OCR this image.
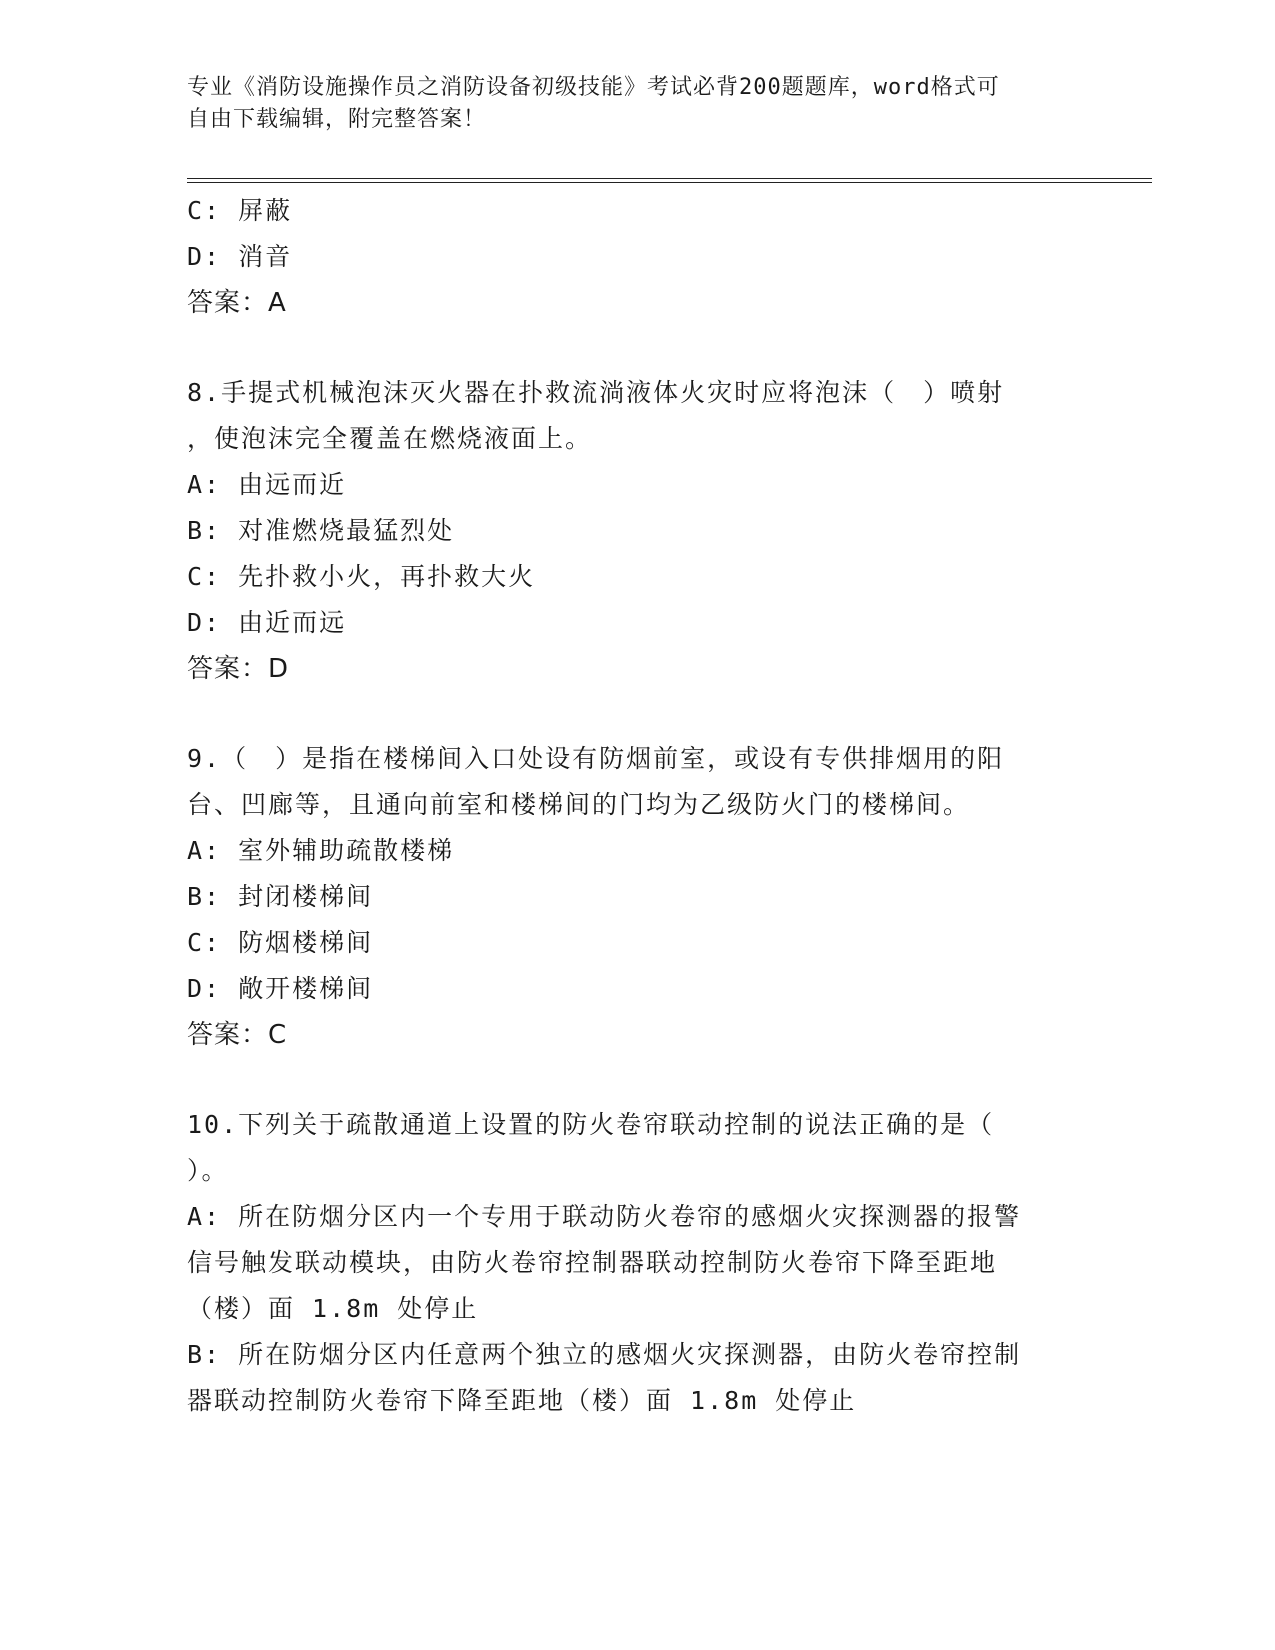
专业《消防设施操作员之消防设备初级技能》考试必背200题题库，word格式可
自由下载编辑，附完整答案！
C: 屏蔽
D: 消音
答案：A
8.手提式机械泡沫灭火器在扑救流淌液体火灾时应将泡沫（　）喷射
，使泡沫完全覆盖在燃烧液面上。
A: 由远而近
B: 对准燃烧最猛烈处
C: 先扑救小火，再扑救大火
D: 由近而远
答案：D
9.（　）是指在楼梯间入口处设有防烟前室，或设有专供排烟用的阳
台、凹廊等，且通向前室和楼梯间的门均为乙级防火门的楼梯间。
A: 室外辅助疏散楼梯
B: 封闭楼梯间
C: 防烟楼梯间
D: 敞开楼梯间
答案：C
10.下列关于疏散通道上设置的防火卷帘联动控制的说法正确的是（
）。
A: 所在防烟分区内一个专用于联动防火卷帘的感烟火灾探测器的报警
信号触发联动模块，由防火卷帘控制器联动控制防火卷帘下降至距地
（楼）面 1.8m 处停止
B: 所在防烟分区内任意两个独立的感烟火灾探测器，由防火卷帘控制
器联动控制防火卷帘下降至距地（楼）面 1.8m 处停止
